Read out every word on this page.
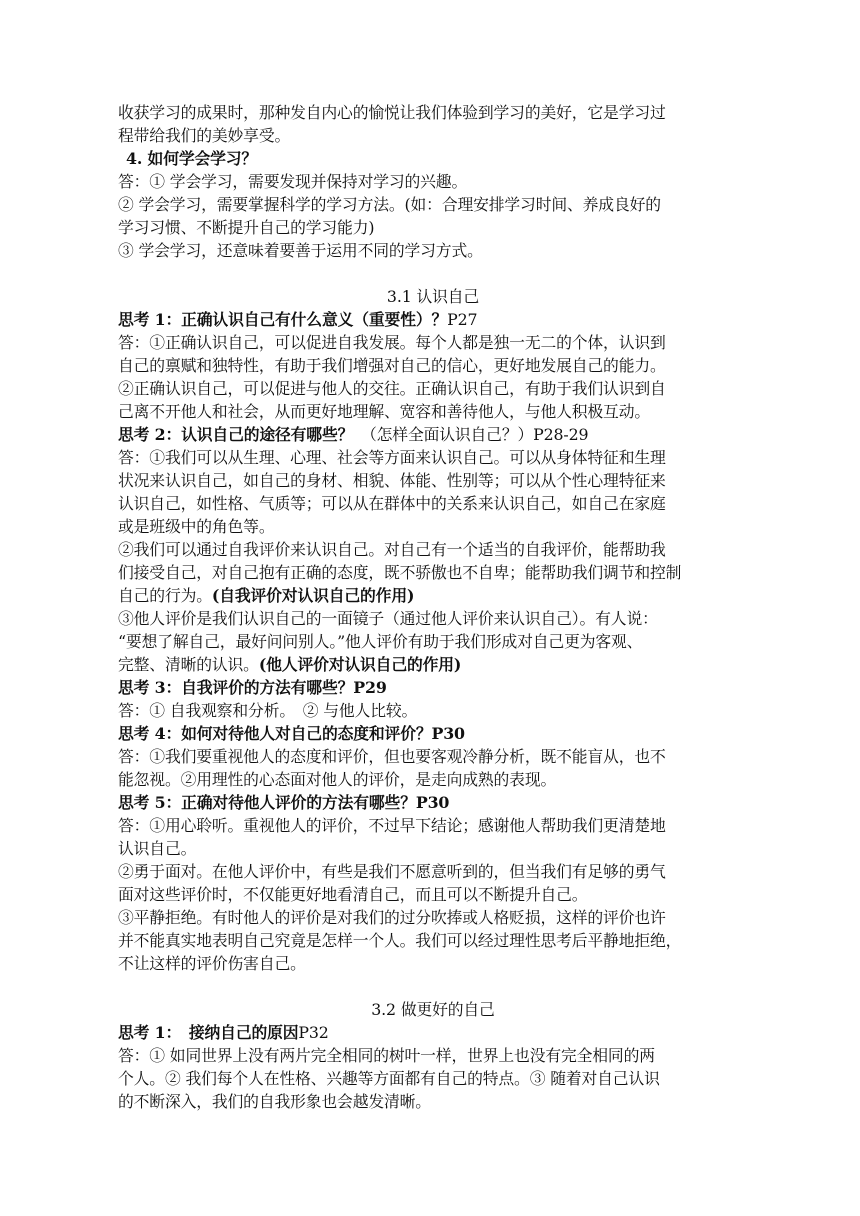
收获学习的成果时，那种发自内心的愉悦让我们体验到学习的美好，它是学习过
程带给我们的美妙享受。
4. 如何学会学习？
答：① 学会学习，需要发现并保持对学习的兴趣。
② 学会学习，需要掌握科学的学习方法。(如：合理安排学习时间、养成良好的
学习习惯、不断提升自己的学习能力)
③ 学会学习，还意味着要善于运用不同的学习方式。
3.1 认识自己
思考 1：正确认识自己有什么意义（重要性）？P27
答：①正确认识自己，可以促进自我发展。每个人都是独一无二的个体，认识到
自己的禀赋和独特性，有助于我们增强对自己的信心，更好地发展自己的能力。
②正确认识自己，可以促进与他人的交往。正确认识自己，有助于我们认识到自
己离不开他人和社会，从而更好地理解、宽容和善待他人，与他人积极互动。
思考 2：认识自己的途径有哪些？　（怎样全面认识自己？）P28-29
答：①我们可以从生理、心理、社会等方面来认识自己。可以从身体特征和生理
状况来认识自己，如自己的身材、相貌、体能、性别等；可以从个性心理特征来
认识自己，如性格、气质等；可以从在群体中的关系来认识自己，如自己在家庭
或是班级中的角色等。
②我们可以通过自我评价来认识自己。对自己有一个适当的自我评价，能帮助我
们接受自己，对自己抱有正确的态度，既不骄傲也不自卑；能帮助我们调节和控制
自己的行为。(自我评价对认识自己的作用)
③他人评价是我们认识自己的一面镜子（通过他人评价来认识自己）。有人说：
“要想了解自己，最好问问别人。”他人评价有助于我们形成对自己更为客观、
完整、清晰的认识。(他人评价对认识自己的作用)
思考 3：自我评价的方法有哪些？P29
答：① 自我观察和分析。　② 与他人比较。
思考 4：如何对待他人对自己的态度和评价？P30
答：①我们要重视他人的态度和评价，但也要客观冷静分析，既不能盲从，也不
能忽视。②用理性的心态面对他人的评价，是走向成熟的表现。
思考 5：正确对待他人评价的方法有哪些？P30
答：①用心聆听。重视他人的评价，不过早下结论；感谢他人帮助我们更清楚地
认识自己。
②勇于面对。在他人评价中，有些是我们不愿意听到的，但当我们有足够的勇气
面对这些评价时，不仅能更好地看清自己，而且可以不断提升自己。
③平静拒绝。有时他人的评价是对我们的过分吹捧或人格贬损，这样的评价也许
并不能真实地表明自己究竟是怎样一个人。我们可以经过理性思考后平静地拒绝，
不让这样的评价伤害自己。
3.2 做更好的自己
思考 1：　接纳自己的原因P32
答：① 如同世界上没有两片完全相同的树叶一样，世界上也没有完全相同的两
个人。② 我们每个人在性格、兴趣等方面都有自己的特点。③ 随着对自己认识
的不断深入，我们的自我形象也会越发清晰。
